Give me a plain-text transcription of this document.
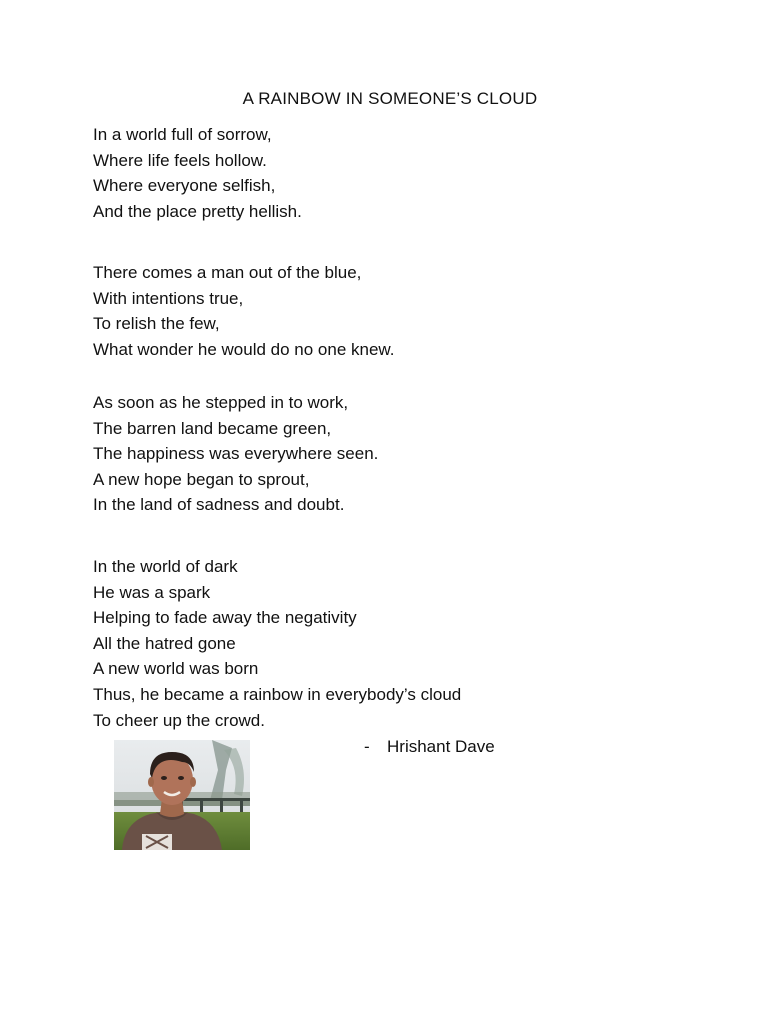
A RAINBOW IN SOMEONE’S CLOUD
In a world full of sorrow,
Where life feels hollow.
Where everyone selfish,
And the place pretty hellish.
There comes a man out of the blue,
With intentions true,
To relish the few,
What wonder he would do no one knew.
As soon as he stepped in to work,
The barren land became green,
The happiness was everywhere seen.
A new hope began to sprout,
In the land of sadness and doubt.
In the world of dark
He was a spark
Helping to fade away the negativity
All the hatred gone
A new world was born
Thus, he became a rainbow in everybody’s cloud
To cheer up the crowd.
- Hrishant Dave
